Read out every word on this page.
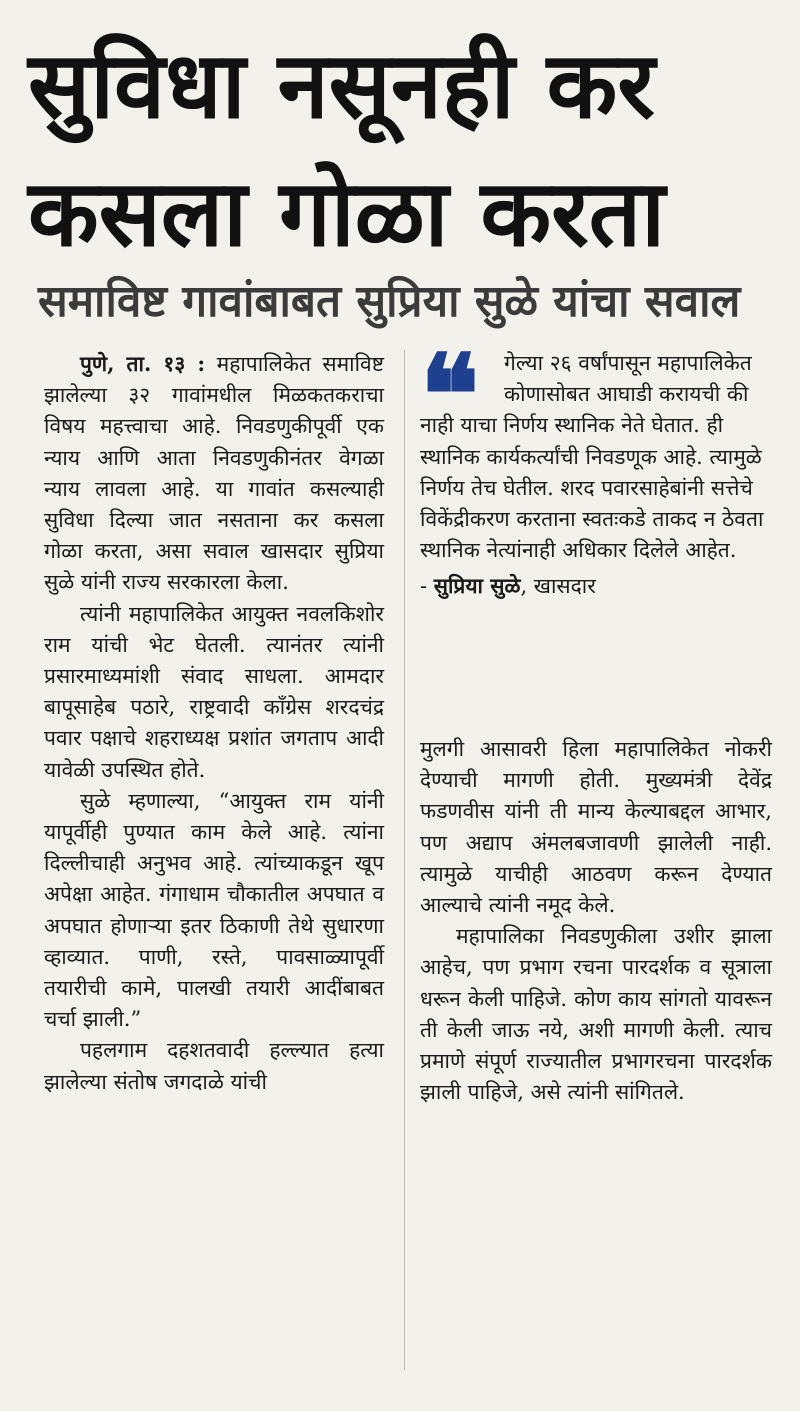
सुविधा नसूनही कर
कसला गोळा करता
समाविष्ट गावांबाबत सुप्रिया सुळे यांचा सवाल

पुणे, ता. १३ : महापालिकेत समाविष्ट झालेल्या ३२ गावांमधील मिळकतकराचा विषय महत्त्वाचा आहे. निवडणुकीपूर्वी एक न्याय आणि आता निवडणुकीनंतर वेगळा न्याय लावला आहे. या गावांत कसल्याही सुविधा दिल्या जात नसताना कर कसला गोळा करता, असा सवाल खासदार सुप्रिया सुळे यांनी राज्य सरकारला केला.

त्यांनी महापालिकेत आयुक्त नवलकिशोर राम यांची भेट घेतली. त्यानंतर त्यांनी प्रसारमाध्यमांशी संवाद साधला. आमदार बापूसाहेब पठारे, राष्ट्रवादी काँग्रेस शरदचंद्र पवार पक्षाचे शहराध्यक्ष प्रशांत जगताप आदी यावेळी उपस्थित होते.

सुळे म्हणाल्या, “आयुक्त राम यांनी यापूर्वीही पुण्यात काम केले आहे. त्यांना दिल्लीचाही अनुभव आहे. त्यांच्याकडून खूप अपेक्षा आहेत. गंगाधाम चौकातील अपघात व अपघात होणाऱ्या इतर ठिकाणी तेथे सुधारणा व्हाव्यात. पाणी, रस्ते, पावसाळ्यापूर्वी तयारीची कामे, पालखी तयारी आदींबाबत चर्चा झाली.”

पहलगाम दहशतवादी हल्ल्यात हत्या झालेल्या संतोष जगदाळे यांची

❝	गेल्या २६ वर्षांपासून महापालिकेत कोणासोबत आघाडी करायची की नाही याचा निर्णय स्थानिक नेते घेतात. ही स्थानिक कार्यकर्त्यांची निवडणूक आहे. त्यामुळे निर्णय तेच घेतील. शरद पवारसाहेबांनी सत्तेचे विकेंद्रीकरण करताना स्वतःकडे ताकद न ठेवता स्थानिक नेत्यांनाही अधिकार दिलेले आहेत.

- सुप्रिया सुळे, खासदार

मुलगी आसावरी हिला महापालिकेत नोकरी देण्याची मागणी होती. मुख्यमंत्री देवेंद्र फडणवीस यांनी ती मान्य केल्याबद्दल आभार, पण अद्याप अंमलबजावणी झालेली नाही. त्यामुळे याचीही आठवण करून देण्यात आल्याचे त्यांनी नमूद केले.

महापालिका निवडणुकीला उशीर झाला आहेच, पण प्रभाग रचना पारदर्शक व सूत्राला धरून केली पाहिजे. कोण काय सांगतो यावरून ती केली जाऊ नये, अशी मागणी केली. त्याच प्रमाणे संपूर्ण राज्यातील प्रभागरचना पारदर्शक झाली पाहिजे, असे त्यांनी सांगितले.
